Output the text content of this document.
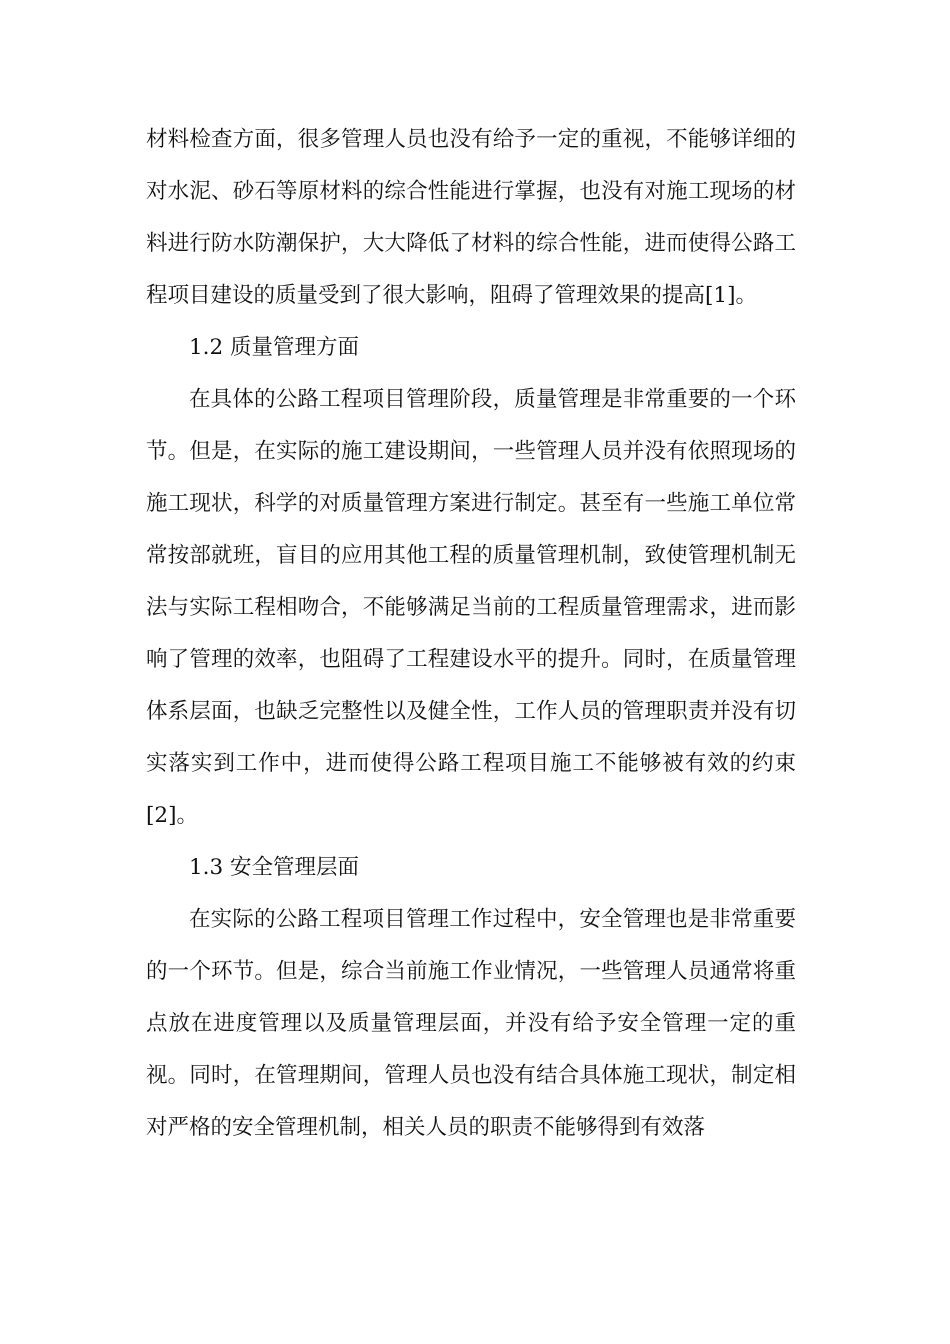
材料检查方面，很多管理人员也没有给予一定的重视，不能够详细的对水泥、砂石等原材料的综合性能进行掌握，也没有对施工现场的材料进行防水防潮保护，大大降低了材料的综合性能，进而使得公路工程项目建设的质量受到了很大影响，阻碍了管理效果的提高[1]。

1.2 质量管理方面

在具体的公路工程项目管理阶段，质量管理是非常重要的一个环节。但是，在实际的施工建设期间，一些管理人员并没有依照现场的施工现状，科学的对质量管理方案进行制定。甚至有一些施工单位常常按部就班，盲目的应用其他工程的质量管理机制，致使管理机制无法与实际工程相吻合，不能够满足当前的工程质量管理需求，进而影响了管理的效率，也阻碍了工程建设水平的提升。同时，在质量管理体系层面，也缺乏完整性以及健全性，工作人员的管理职责并没有切实落实到工作中，进而使得公路工程项目施工不能够被有效的约束[2]。

1.3 安全管理层面

在实际的公路工程项目管理工作过程中，安全管理也是非常重要的一个环节。但是，综合当前施工作业情况，一些管理人员通常将重点放在进度管理以及质量管理层面，并没有给予安全管理一定的重视。同时，在管理期间，管理人员也没有结合具体施工现状，制定相对严格的安全管理机制，相关人员的职责不能够得到有效落
